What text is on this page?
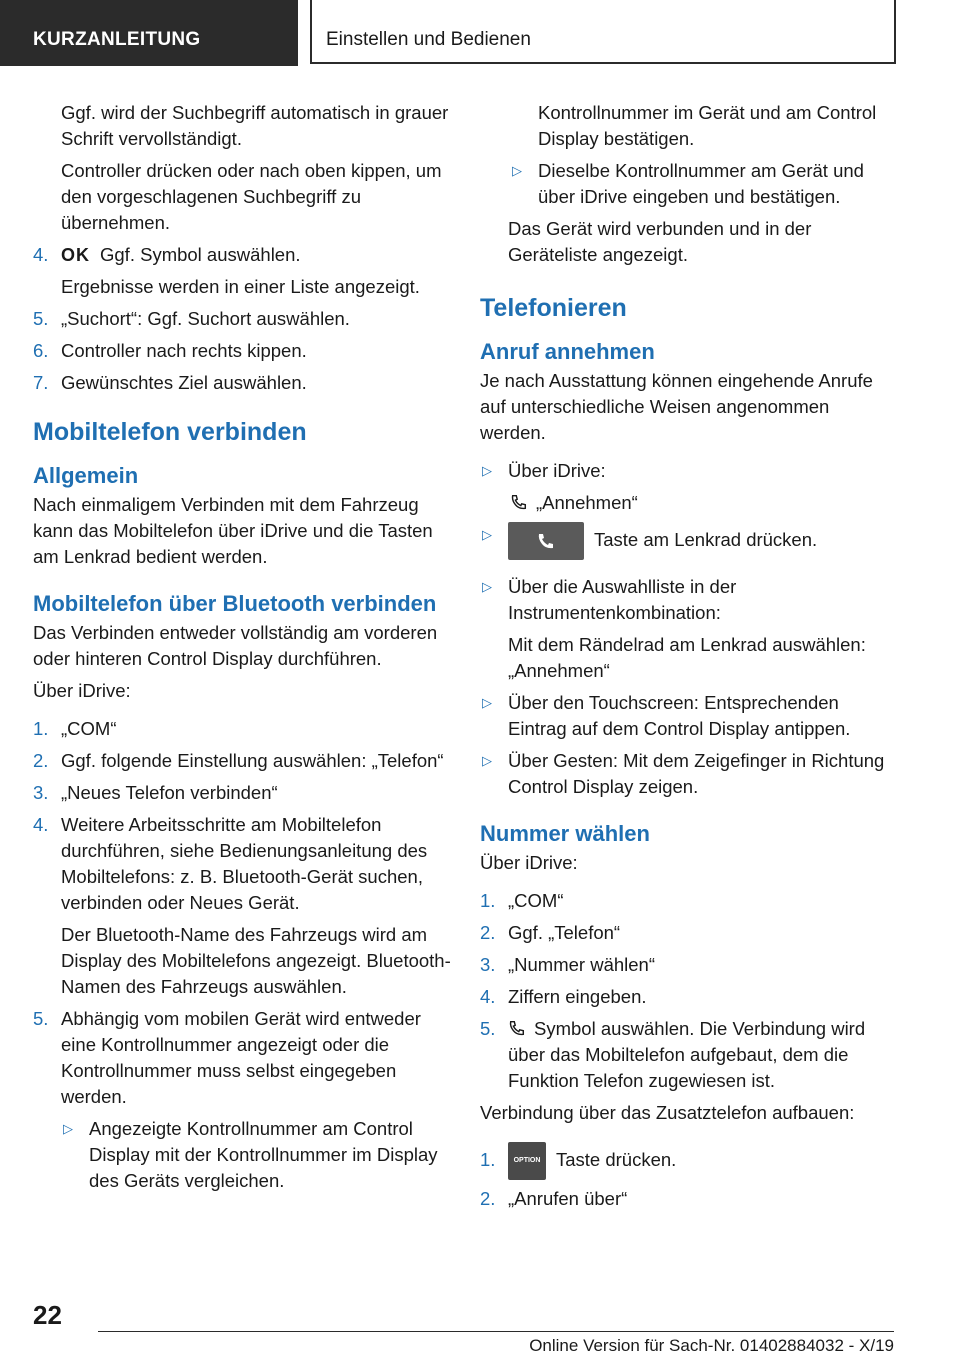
KURZANLEITUNG	Einstellen und Bedienen

Ggf. wird der Suchbegriff automatisch in grauer Schrift vervollständigt.

Controller drücken oder nach oben kippen, um den vorgeschlagenen Suchbegriff zu übernehmen.

4. OK Ggf. Symbol auswählen.

Ergebnisse werden in einer Liste angezeigt.

5. „Suchort“: Ggf. Suchort auswählen.
6. Controller nach rechts kippen.
7. Gewünschtes Ziel auswählen.
Mobiltelefon verbinden
Allgemein

Nach einmaligem Verbinden mit dem Fahrzeug kann das Mobiltelefon über iDrive und die Tasten am Lenkrad bedient werden.

Mobiltelefon über Bluetooth verbinden

Das Verbinden entweder vollständig am vorderen oder hinteren Control Display durchführen.

Über iDrive:

1. „COM“
2. Ggf. folgende Einstellung auswählen: „Telefon“
3. „Neues Telefon verbinden“
4. Weitere Arbeitsschritte am Mobiltelefon durchführen, siehe Bedienungsanleitung des Mobiltelefons: z. B. Bluetooth-Gerät suchen, verbinden oder Neues Gerät.

Der Bluetooth-Name des Fahrzeugs wird am Display des Mobiltelefons angezeigt. Bluetooth-Namen des Fahrzeugs auswählen.

5. Abhängig vom mobilen Gerät wird entweder eine Kontrollnummer angezeigt oder die Kontrollnummer muss selbst eingegeben werden.
▷ Angezeigte Kontrollnummer am Control Display mit der Kontrollnummer im Display des Geräts vergleichen.

Kontrollnummer im Gerät und am Control Display bestätigen.

▷ Dieselbe Kontrollnummer am Gerät und über iDrive eingeben und bestätigen.

Das Gerät wird verbunden und in der Geräteliste angezeigt.

Telefonieren
Anruf annehmen

Je nach Ausstattung können eingehende Anrufe auf unterschiedliche Weisen angenommen werden.

▷ Über iDrive:

„Annehmen“

▷	Taste am Lenkrad drücken.
▷ Über die Auswahlliste in der Instrumentenkombination:

Mit dem Rändelrad am Lenkrad auswählen: „Annehmen“

▷ Über den Touchscreen: Entsprechenden Eintrag auf dem Control Display antippen.
▷ Über Gesten: Mit dem Zeigefinger in Richtung Control Display zeigen.
Nummer wählen

Über iDrive:

1. „COM“
2. Ggf. „Telefon“
3. „Nummer wählen“
4. Ziffern eingeben.
5. Symbol auswählen. Die Verbindung wird über das Mobiltelefon aufgebaut, dem die Funktion Telefon zugewiesen ist.

Verbindung über das Zusatztelefon aufbauen:

1.	OPTION Taste drücken.
2. „Anrufen über“
22
Online Version für Sach-Nr. 01402884032 - X/19
